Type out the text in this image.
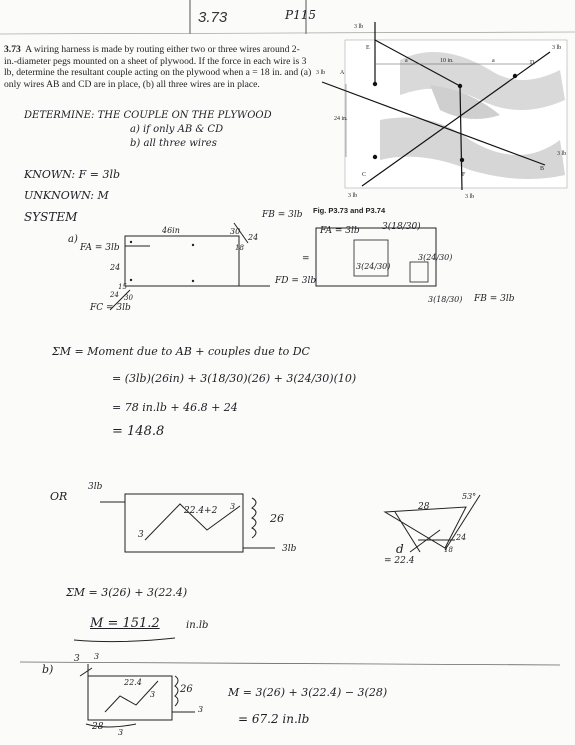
3.73	P115
3.73 A wiring harness is made by routing either two or three wires around 2-in.-diameter pegs mounted on a sheet of plywood. If the force in each wire is 3 lb, determine the resultant couple acting on the plywood when a = 18 in. and (a) only wires AB and CD are in place, (b) all three wires are in place.
3 lb
3 lb
3 lb
3 lb
3 lb	3 lb
E
A
D
C	F
B
a	a
10 in.
24 in.
Fig. P3.73 and P3.74
DETERMINE: THE COUPLE ON THE PLYWOOD
a) if only AB & CD
b) all three wires
KNOWN: F = 3lb
UNKNOWN: M
SYSTEM
a)
FA = 3lb
FB = 3lb
FD = 3lb
FC = 3lb
46in	30
24
18
24
15
24 30
FA = 3lb
=
3(18/30)
3(24/30)
3(24/30)
3(18/30) FB = 3lb
ΣM = Moment due to AB + couples due to DC
= (3lb)(26in) + 3(18/30)(26) + 3(24/30)(10)
= 78 in.lb + 46.8 + 24
= 148.8
OR
3lb
22.4+2 3
3
26
3lb
28
53°
24
18
d
= 22.4
ΣM = 3(26) + 3(22.4)
M = 151.2	in.lb
b)
3 3
22.4
3 26
3
28
3
M = 3(26) + 3(22.4) − 3(28)
= 67.2 in.lb
